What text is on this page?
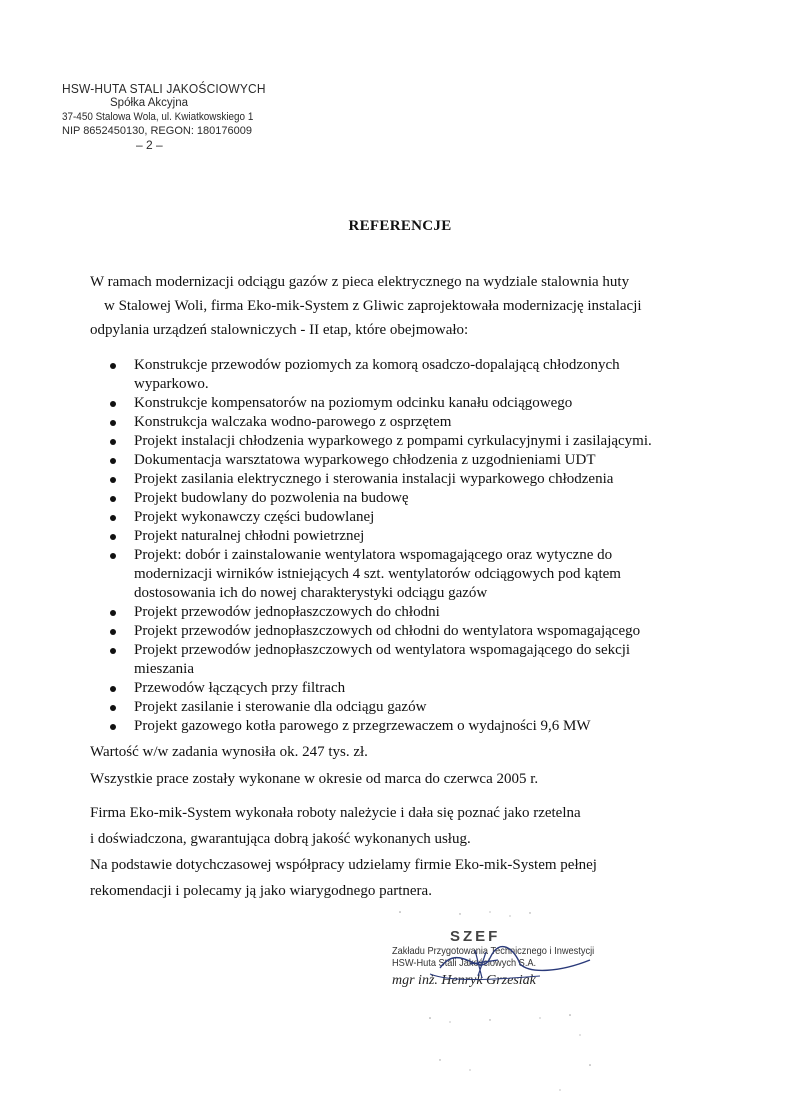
HSW-HUTA STALI JAKOŚCIOWYCH
Spółka Akcyjna
37-450 Stalowa Wola, ul. Kwiatkowskiego 1
NIP 8652450130, REGON: 180176009
– 2 –
REFERENCJE

W ramach modernizacji odciągu gazów z pieca elektrycznego na wydziale stalownia huty
w Stalowej Woli, firma Eko-mik-System z Gliwic zaprojektowała modernizację instalacji
odpylania urządzeń stalowniczych - II etap, które obejmowało:

Konstrukcje przewodów poziomych za komorą osadczo-dopalającą chłodzonych
wyparkowo.
Konstrukcje kompensatorów na poziomym odcinku kanału odciągowego
Konstrukcja walczaka wodno-parowego z osprzętem
Projekt instalacji chłodzenia wyparkowego z pompami cyrkulacyjnymi i zasilającymi.
Dokumentacja warsztatowa wyparkowego chłodzenia z uzgodnieniami UDT
Projekt zasilania elektrycznego i sterowania instalacji wyparkowego chłodzenia
Projekt budowlany do pozwolenia na budowę
Projekt wykonawczy części budowlanej
Projekt naturalnej chłodni powietrznej
Projekt: dobór i zainstalowanie wentylatora wspomagającego oraz wytyczne do
modernizacji wirników istniejących 4 szt. wentylatorów odciągowych pod kątem
dostosowania ich do nowej charakterystyki odciągu gazów
Projekt przewodów jednopłaszczowych do chłodni
Projekt przewodów jednopłaszczowych od chłodni do wentylatora wspomagającego
Projekt przewodów jednopłaszczowych od wentylatora wspomagającego do sekcji
mieszania
Przewodów łączących przy filtrach
Projekt zasilanie i sterowanie dla odciągu gazów
Projekt gazowego kotła parowego z przegrzewaczem o wydajności 9,6 MW

Wartość w/w zadania wynosiła ok. 247 tys. zł.

Wszystkie prace zostały wykonane w okresie od marca do czerwca 2005 r.

Firma Eko-mik-System wykonała roboty należycie i dała się poznać jako rzetelna
i doświadczona, gwarantująca dobrą jakość wykonanych usług.

Na podstawie dotychczasowej współpracy udzielamy firmie Eko-mik-System pełnej
rekomendacji i polecamy ją jako wiarygodnego partnera.

SZEF
Zakładu Przygotowania Technicznego i Inwestycji
HSW-Huta Stali Jakościowych S.A.
mgr inż. Henryk Grzesiak
